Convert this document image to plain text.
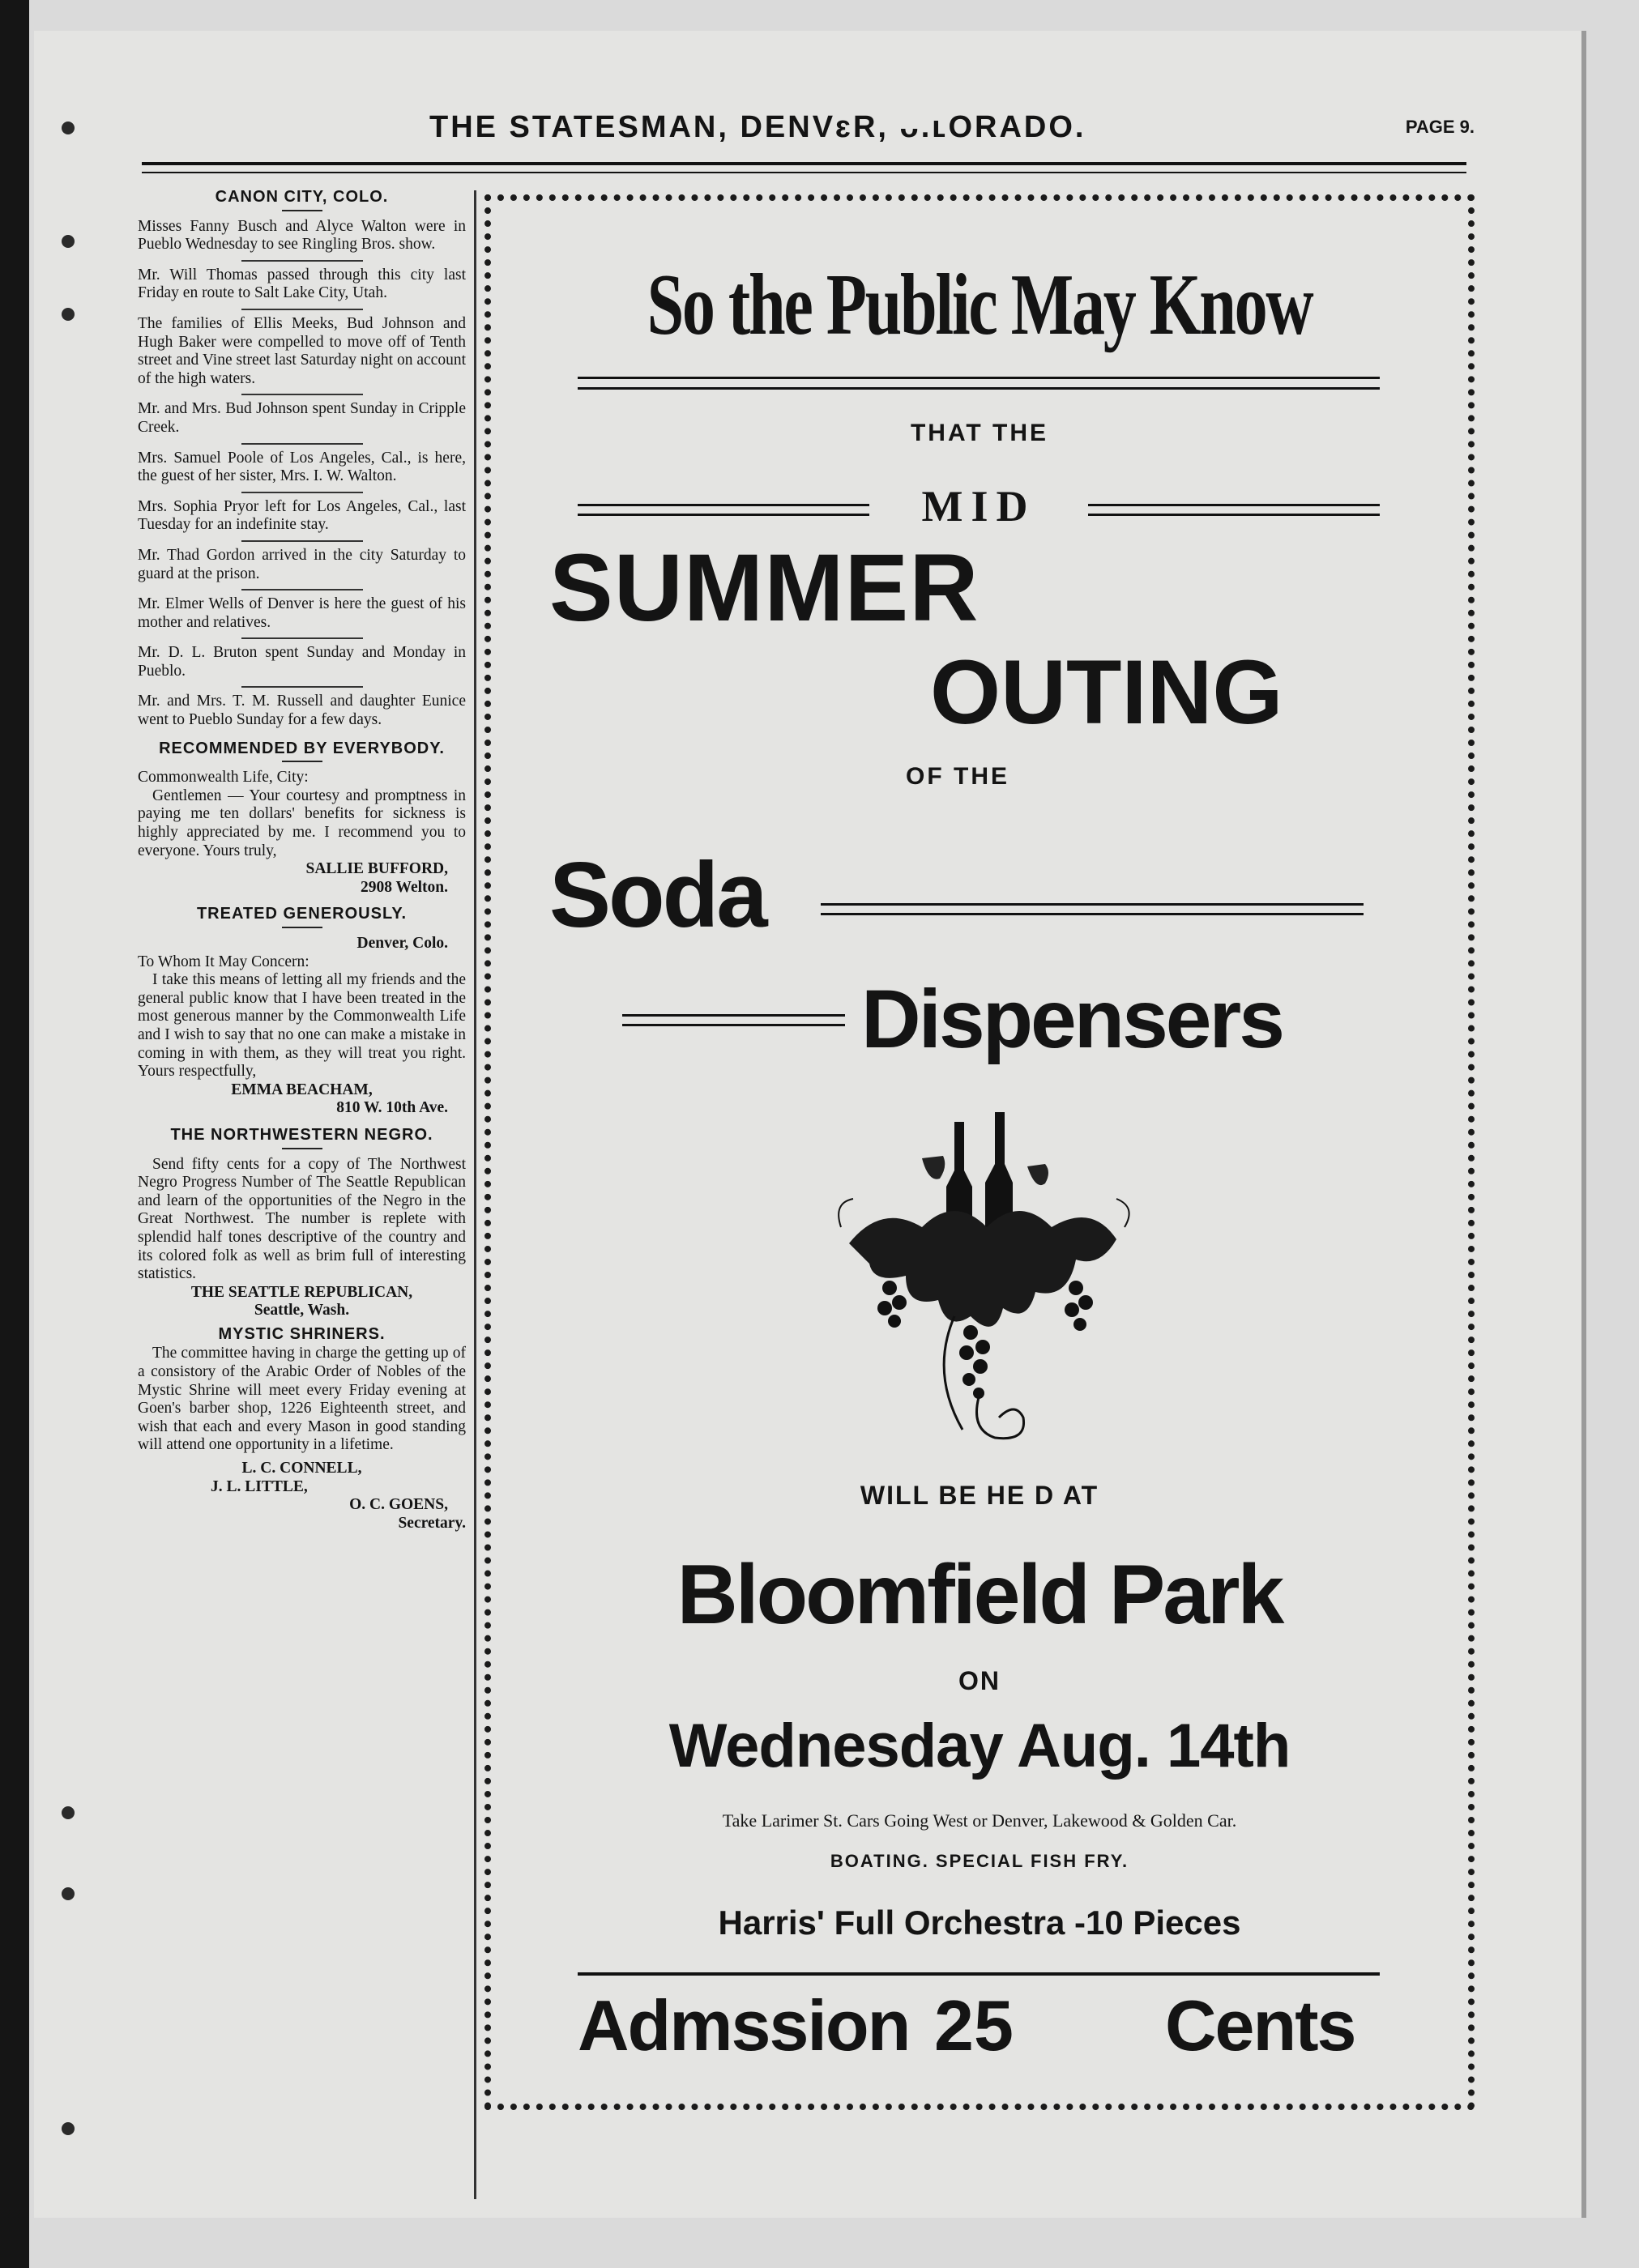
THE STATESMAN, DENVɛR, ᴗ.ʟORADO.	PAGE 9.
CANON CITY, COLO.
Misses Fanny Busch and Alyce Walton were in Pueblo Wednesday to see Ringling Bros. show.
Mr. Will Thomas passed through this city last Friday en route to Salt Lake City, Utah.
The families of Ellis Meeks, Bud Johnson and Hugh Baker were compelled to move off of Tenth street and Vine street last Saturday night on account of the high waters.
Mr. and Mrs. Bud Johnson spent Sunday in Cripple Creek.
Mrs. Samuel Poole of Los Angeles, Cal., is here, the guest of her sister, Mrs. I. W. Walton.
Mrs. Sophia Pryor left for Los Angeles, Cal., last Tuesday for an indefinite stay.
Mr. Thad Gordon arrived in the city Saturday to guard at the prison.
Mr. Elmer Wells of Denver is here the guest of his mother and relatives.
Mr. D. L. Bruton spent Sunday and Monday in Pueblo.
Mr. and Mrs. T. M. Russell and daughter Eunice went to Pueblo Sunday for a few days.
RECOMMENDED BY EVERYBODY.
Commonwealth Life, City:

Gentlemen — Your courtesy and promptness in paying me ten dollars' benefits for sickness is highly appreciated by me. I recommend you to everyone. Yours truly,

SALLIE BUFFORD,
2908 Welton.
TREATED GENEROUSLY.
Denver, Colo.
To Whom It May Concern:

I take this means of letting all my friends and the general public know that I have been treated in the most generous manner by the Commonwealth Life and I wish to say that no one can make a mistake in coming in with them, as they will treat you right. Yours respectfully,

EMMA BEACHAM,
810 W. 10th Ave.
THE NORTHWESTERN NEGRO.

Send fifty cents for a copy of The Northwest Negro Progress Number of The Seattle Republican and learn of the opportunities of the Negro in the Great Northwest. The number is replete with splendid half tones descriptive of the country and its colored folk as well as brim full of interesting statistics.

THE SEATTLE REPUBLICAN,
Seattle, Wash.
MYSTIC SHRINERS.

The committee having in charge the getting up of a consistory of the Arabic Order of Nobles of the Mystic Shrine will meet every Friday evening at Goen's barber shop, 1226 Eighteenth street, and wish that each and every Mason in good standing will attend one opportunity in a lifetime.

L. C. CONNELL,
J. L. LITTLE,
O. C. GOENS,
Secretary.
So the Public May Know
THAT THE
MID
SUMMER
OUTING
OF THE
Soda
Dispensers
WILL BE HE D AT
Bloomfield Park
ON
Wednesday Aug. 14th
Take Larimer St. Cars Going West or Denver, Lakewood & Golden Car.
BOATING. SPECIAL FISH FRY.
Harris' Full Orchestra -10 Pieces
Admssion 25 Cents
